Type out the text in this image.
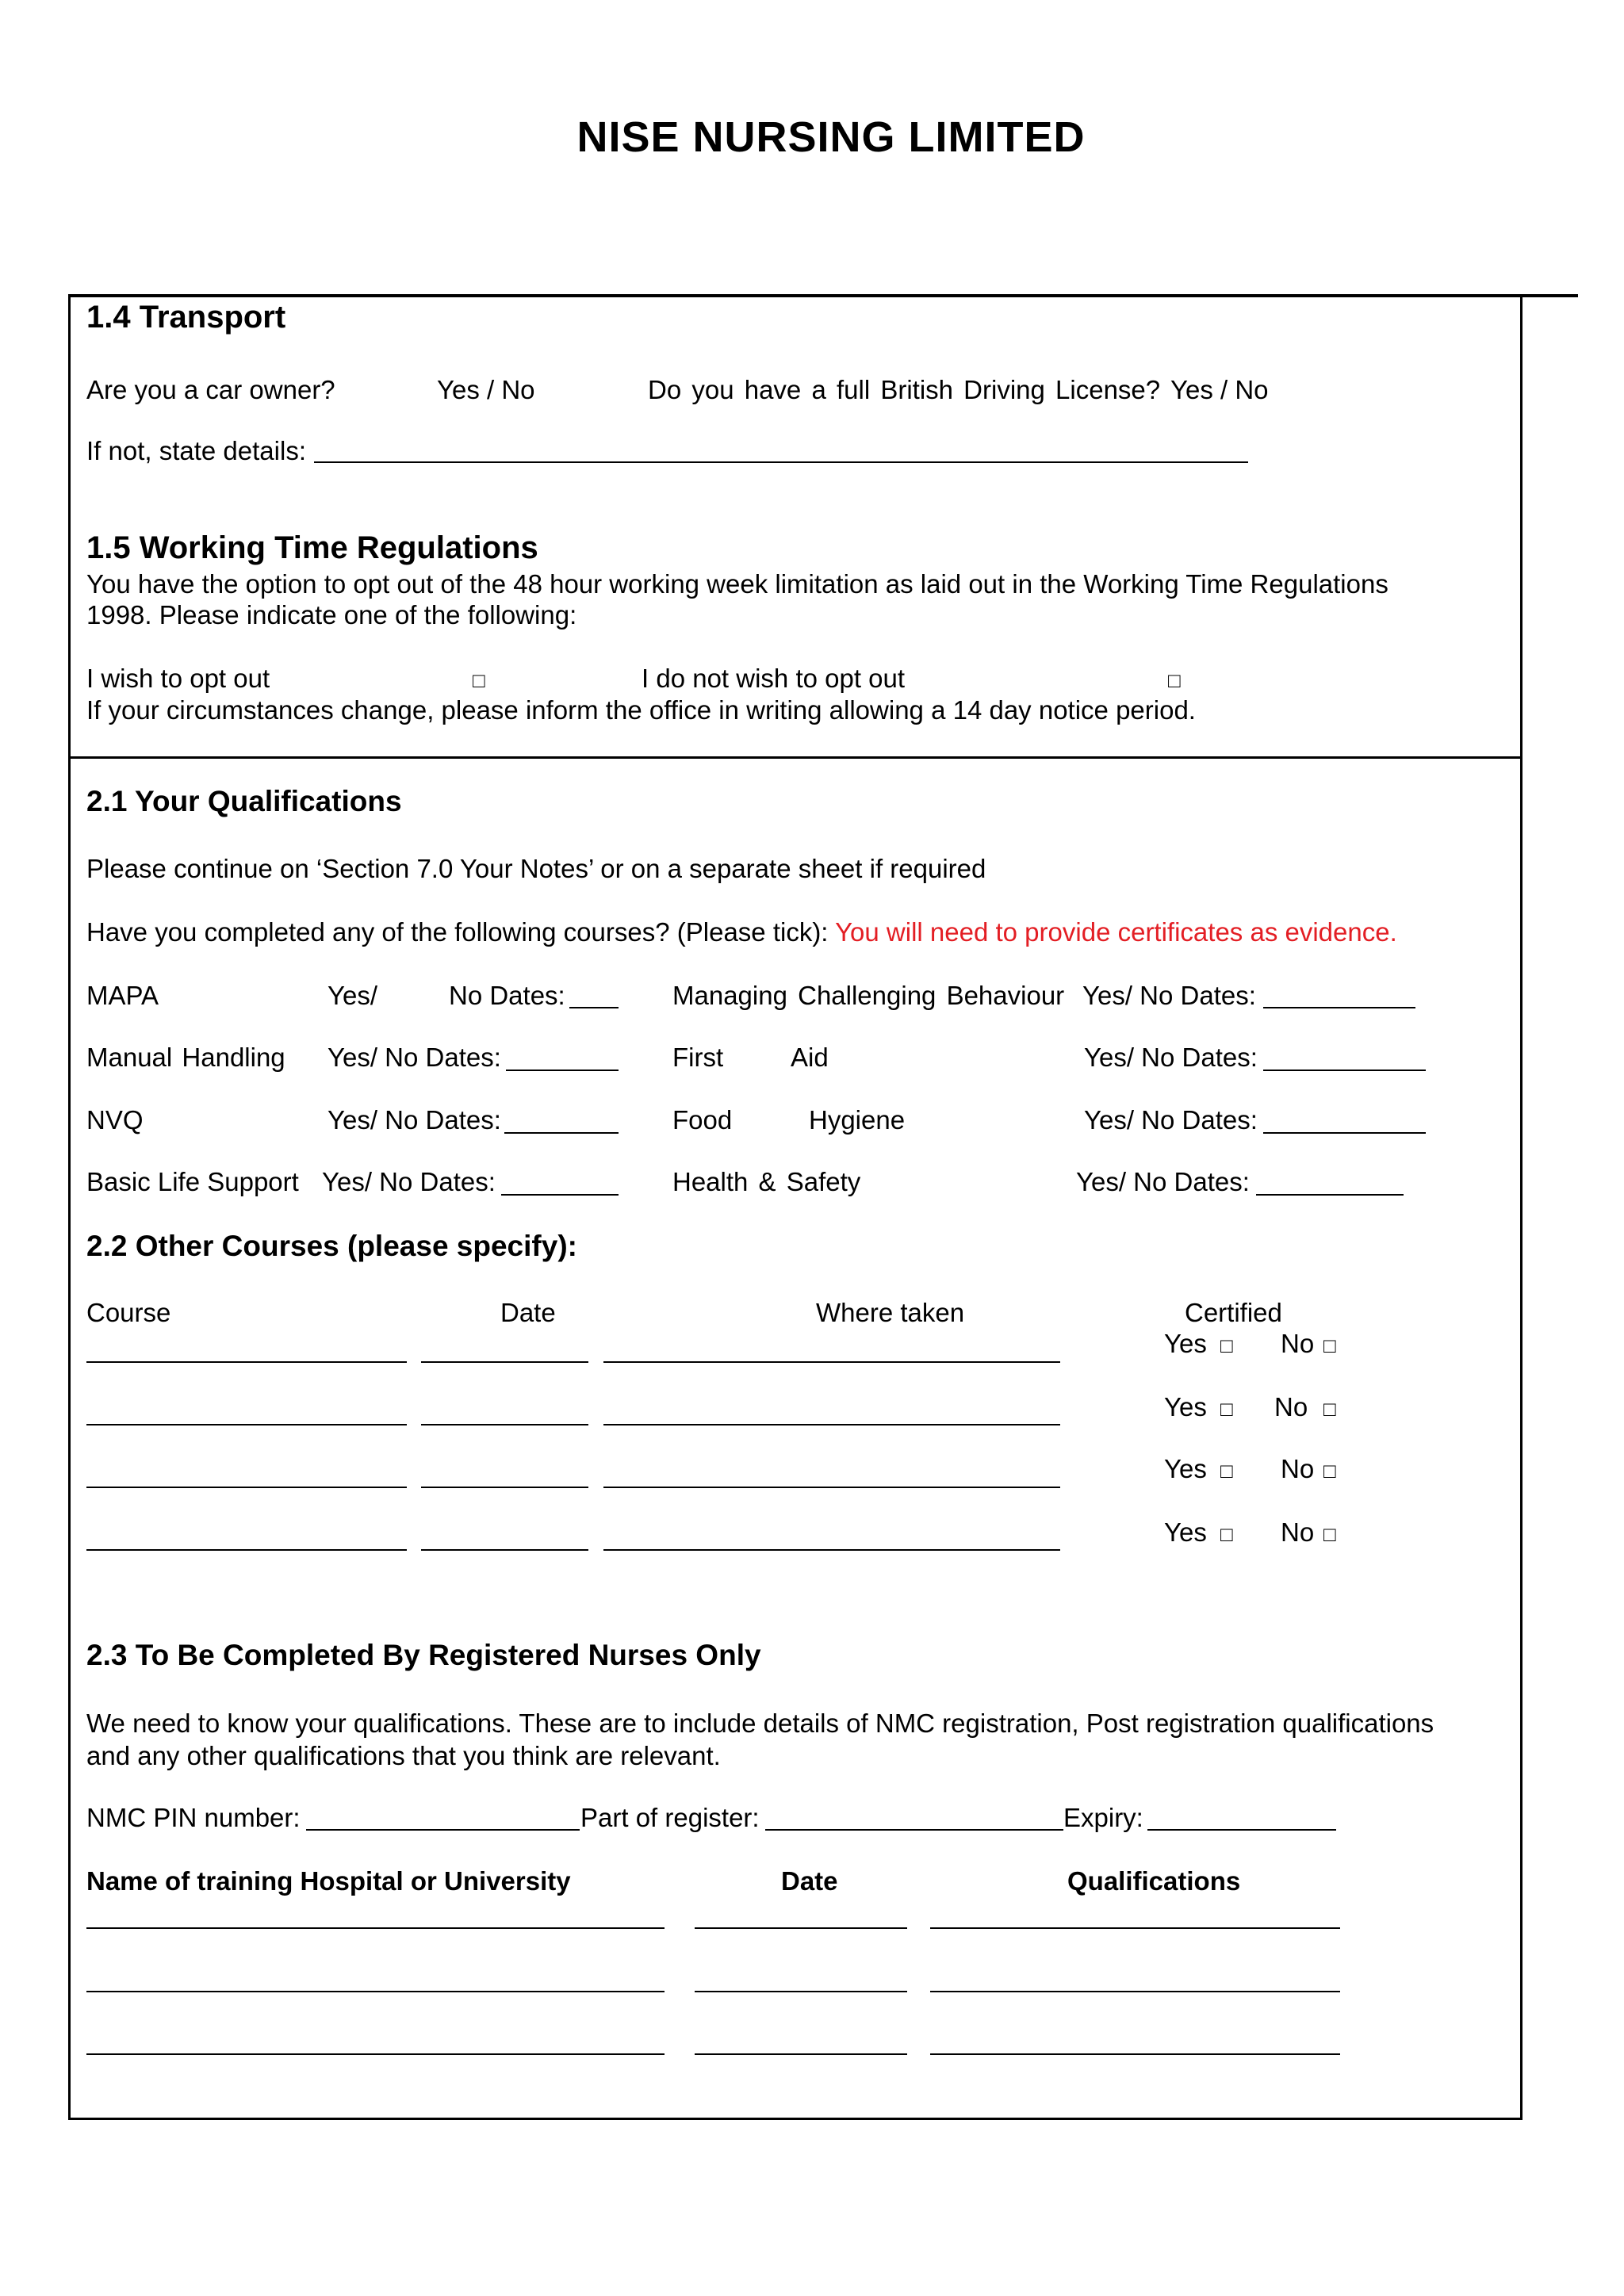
NISE NURSING LIMITED
1.4 Transport
Are you a car owner?	Yes / No	Do you have a full British Driving License? Yes / No
If not, state details:
1.5 Working Time Regulations
You have the option to opt out of the 48 hour working week limitation as laid out in the Working Time Regulations
1998. Please indicate one of the following:
I wish to opt out	□	I do not wish to opt out	□
If your circumstances change, please inform the office in writing allowing a 14 day notice period.
2.1 Your Qualifications
Please continue on ‘Section 7.0 Your Notes’ or on a separate sheet if required
Have you completed any of the following courses? (Please tick): You will need to provide certificates as evidence.
MAPA	Yes/	No Dates:	Managing Challenging Behaviour Yes/ No Dates:
Manual Handling Yes/ No Dates:	First	Aid	Yes/ No Dates:
NVQ	Yes/ No Dates:	Food	Hygiene	Yes/ No Dates:
Basic Life Support Yes/ No Dates:	Health & Safety	Yes/ No Dates:
2.2 Other Courses (please specify):
Course	Date	Where taken	Certified
Yes □ No □
Yes □ No □
Yes □ No □
Yes □ No □
2.3 To Be Completed By Registered Nurses Only
We need to know your qualifications. These are to include details of NMC registration, Post registration qualifications
and any other qualifications that you think are relevant.
NMC PIN number:	Part of register:	Expiry:
Name of training Hospital or University	Date	Qualifications
